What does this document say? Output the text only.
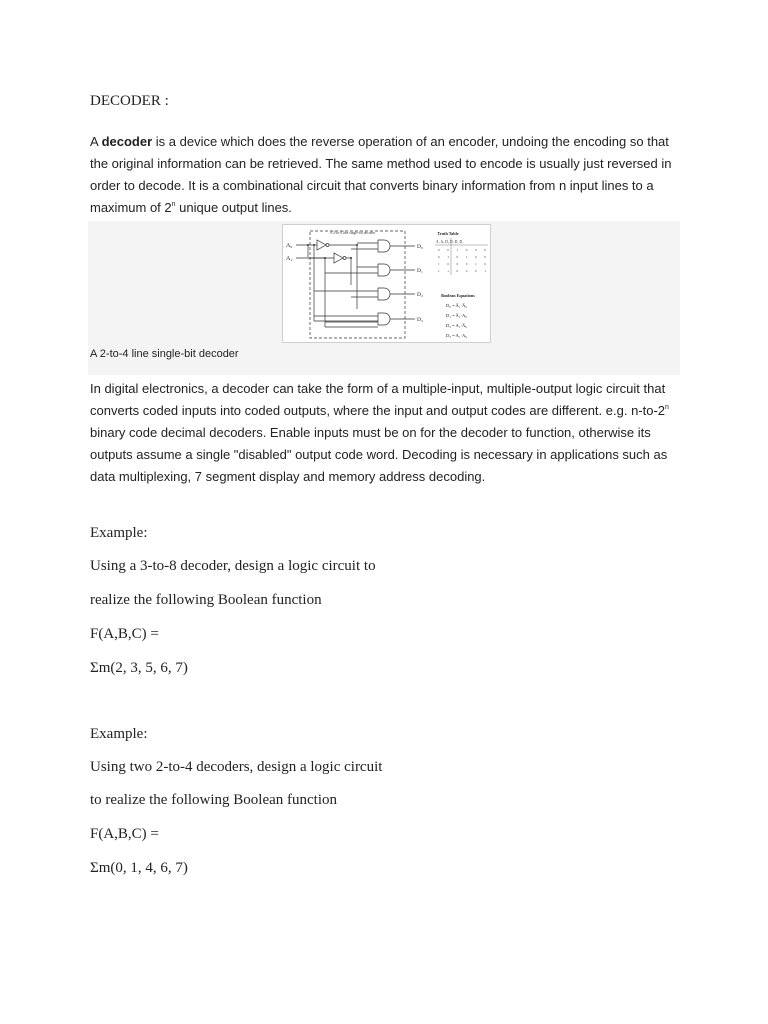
DECODER :
A decoder is a device which does the reverse operation of an encoder, undoing the encoding so that the original information can be retrieved. The same method used to encode is usually just reversed in order to decode. It is a combinational circuit that converts binary information from n input lines to a maximum of 2$^n$ unique output lines.
A 2-to-4 line single-bit decoder
A₀
A₁
D₀
D₁
D₂
D₃
Truth Table
A₁ A₀ D₀ D₁ D₂ D₃
0 0 1 0 0 0
0 1 0 1 0 0
1 0 0 0 1 0
1 1 0 0 0 1
Boolean Equations
D₀ = A̅₁·A̅₀
D₁ = A̅₁·A₀
D₂ = A₁·A̅₀
D₃ = A₁·A₀
A 2-to-4 line single-bit decoder
In digital electronics, a decoder can take the form of a multiple-input, multiple-output logic circuit that converts coded inputs into coded outputs, where the input and output codes are different. e.g. n-to-2$^n$ binary code decimal decoders. Enable inputs must be on for the decoder to function, otherwise its outputs assume a single "disabled" output code word. Decoding is necessary in applications such as data multiplexing, 7 segment display and memory address decoding.
Example:
Using a 3-to-8 decoder, design a logic circuit to
realize the following Boolean function
F(A,B,C) =
Σm(2, 3, 5, 6, 7)
Example:
Using two 2-to-4 decoders, design a logic circuit
to realize the following Boolean function
F(A,B,C) =
Σm(0, 1, 4, 6, 7)
